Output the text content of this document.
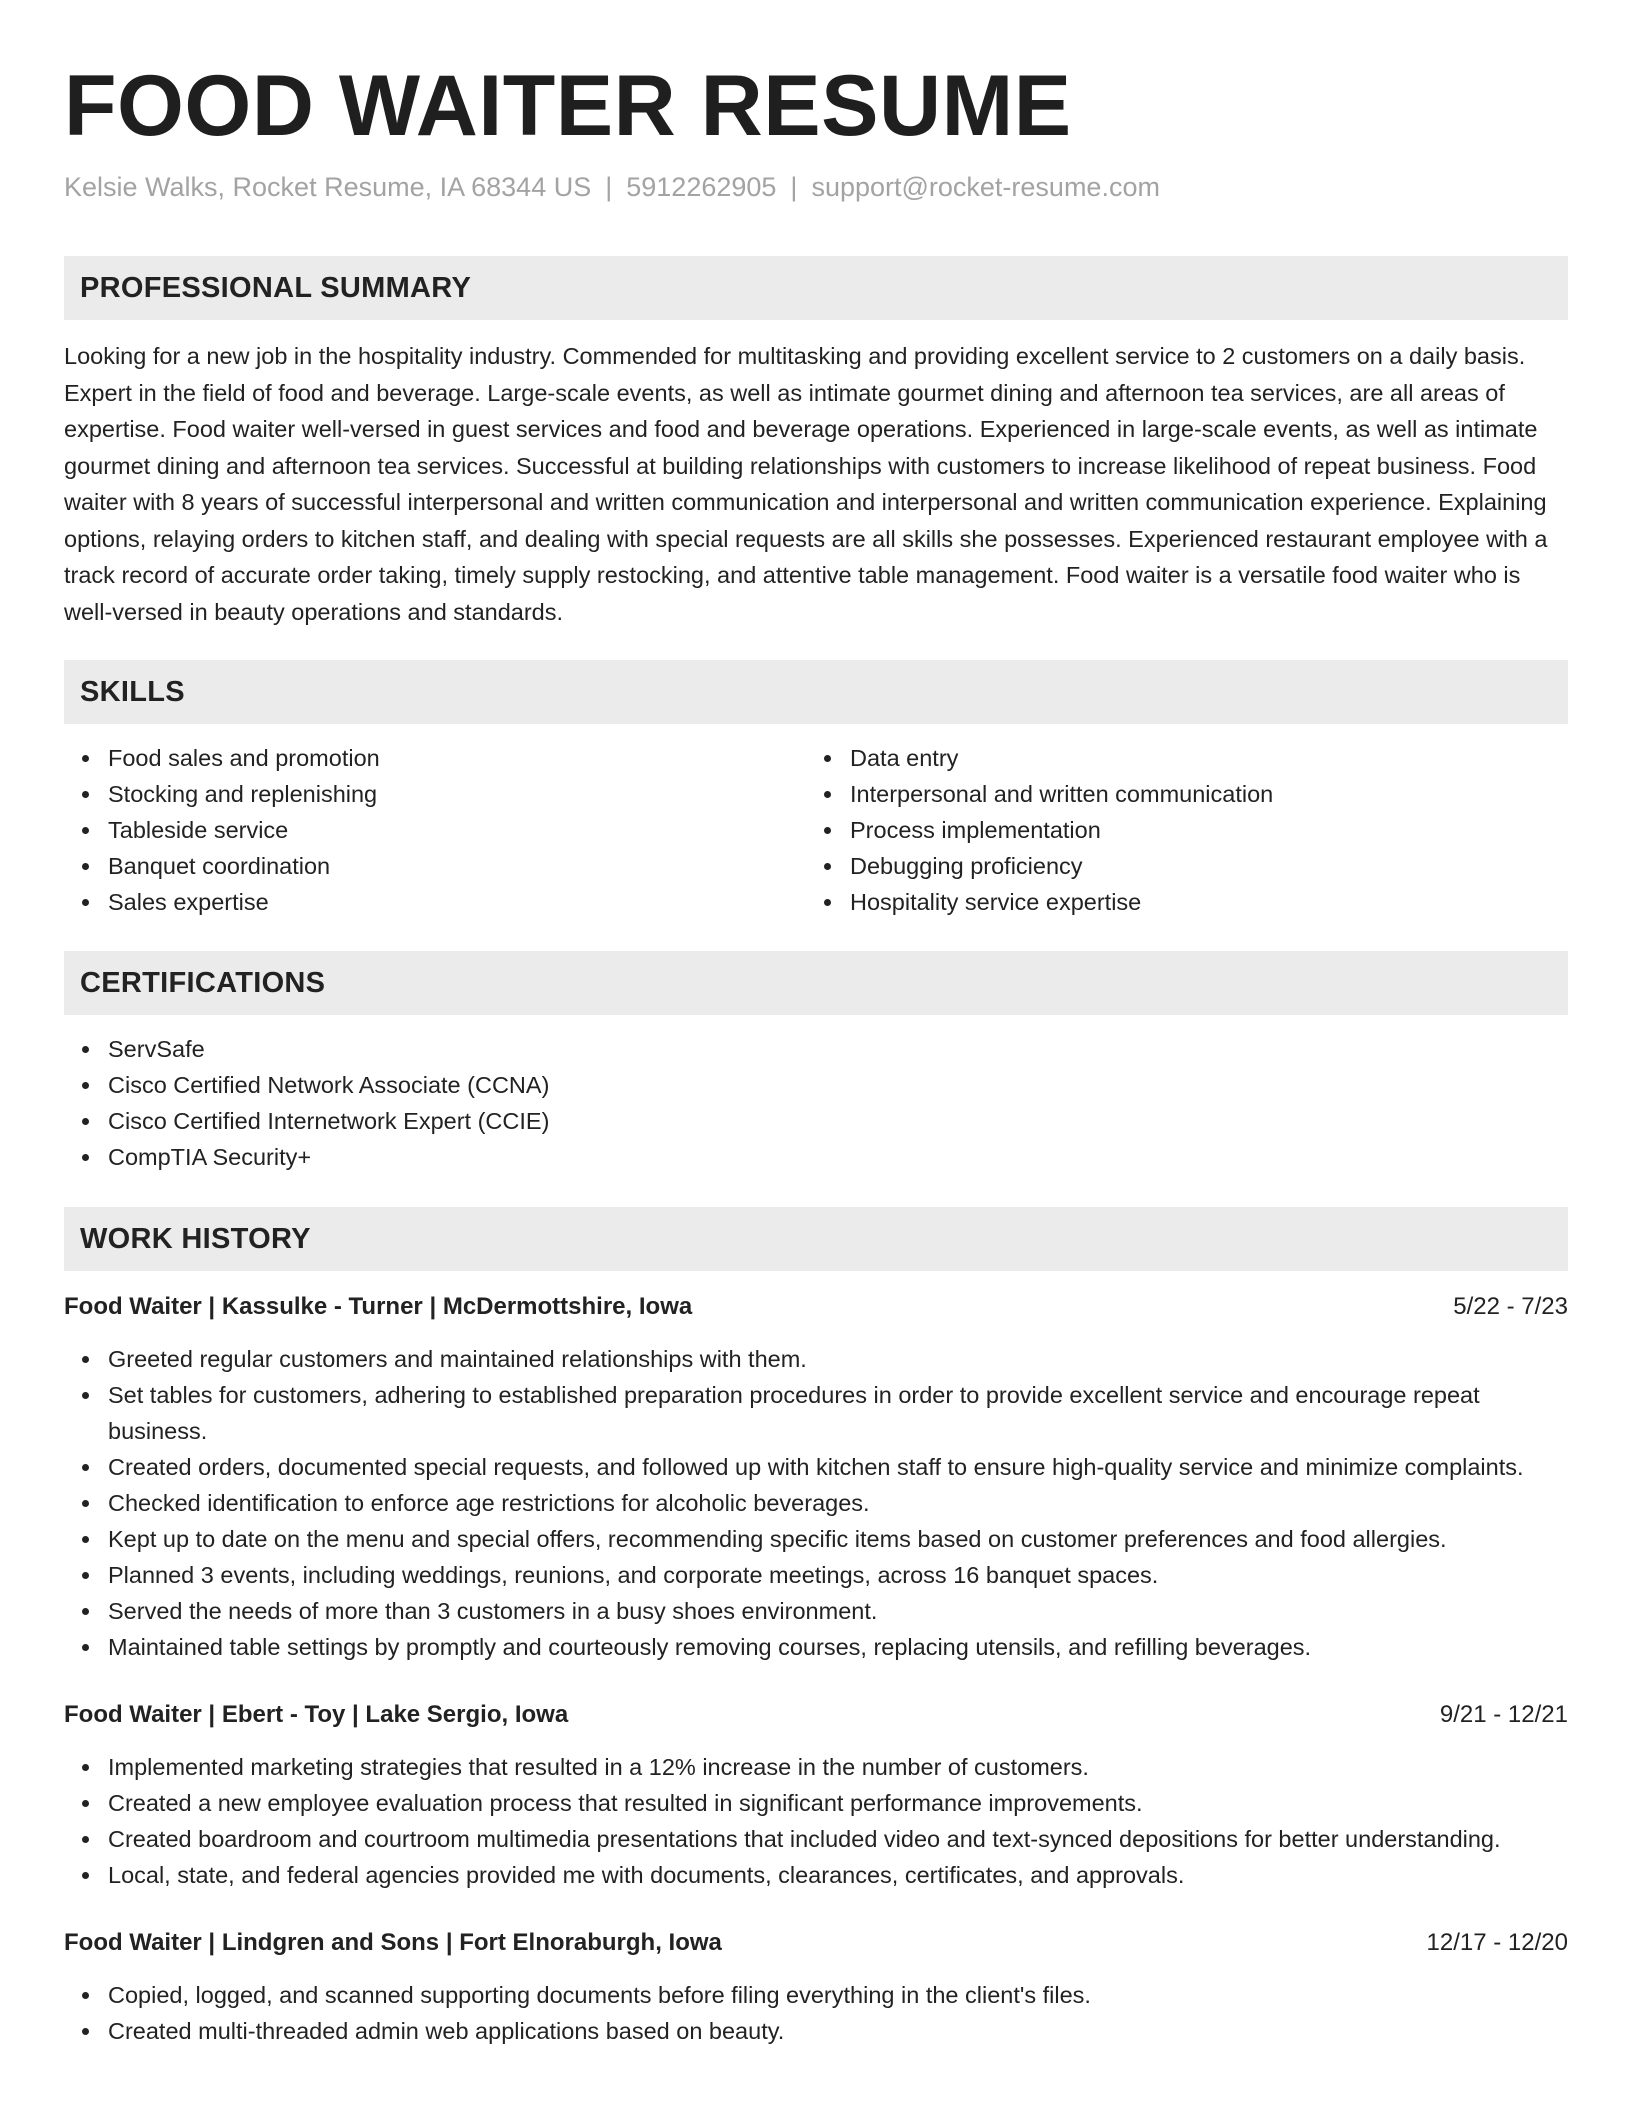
FOOD WAITER RESUME
Kelsie Walks, Rocket Resume, IA 68344 US | 5912262905 | support@rocket-resume.com
PROFESSIONAL SUMMARY

Looking for a new job in the hospitality industry. Commended for multitasking and providing excellent service to 2 customers on a daily basis. Expert in the field of food and beverage. Large-scale events, as well as intimate gourmet dining and afternoon tea services, are all areas of expertise. Food waiter well-versed in guest services and food and beverage operations. Experienced in large-scale events, as well as intimate gourmet dining and afternoon tea services. Successful at building relationships with customers to increase likelihood of repeat business. Food waiter with 8 years of successful interpersonal and written communication and interpersonal and written communication experience. Explaining options, relaying orders to kitchen staff, and dealing with special requests are all skills she possesses. Experienced restaurant employee with a track record of accurate order taking, timely supply restocking, and attentive table management. Food waiter is a versatile food waiter who is well-versed in beauty operations and standards.

SKILLS
Food sales and promotion
Stocking and replenishing
Tableside service
Banquet coordination
Sales expertise
Data entry
Interpersonal and written communication
Process implementation
Debugging proficiency
Hospitality service expertise
CERTIFICATIONS
ServSafe
Cisco Certified Network Associate (CCNA)
Cisco Certified Internetwork Expert (CCIE)
CompTIA Security+
WORK HISTORY
Food Waiter | Kassulke - Turner | McDermottshire, Iowa	5/22 - 7/23
Greeted regular customers and maintained relationships with them.
Set tables for customers, adhering to established preparation procedures in order to provide excellent service and encourage repeat business.
Created orders, documented special requests, and followed up with kitchen staff to ensure high-quality service and minimize complaints.
Checked identification to enforce age restrictions for alcoholic beverages.
Kept up to date on the menu and special offers, recommending specific items based on customer preferences and food allergies.
Planned 3 events, including weddings, reunions, and corporate meetings, across 16 banquet spaces.
Served the needs of more than 3 customers in a busy shoes environment.
Maintained table settings by promptly and courteously removing courses, replacing utensils, and refilling beverages.
Food Waiter | Ebert - Toy | Lake Sergio, Iowa	9/21 - 12/21
Implemented marketing strategies that resulted in a 12% increase in the number of customers.
Created a new employee evaluation process that resulted in significant performance improvements.
Created boardroom and courtroom multimedia presentations that included video and text-synced depositions for better understanding.
Local, state, and federal agencies provided me with documents, clearances, certificates, and approvals.
Food Waiter | Lindgren and Sons | Fort Elnoraburgh, Iowa	12/17 - 12/20
Copied, logged, and scanned supporting documents before filing everything in the client's files.
Created multi-threaded admin web applications based on beauty.
